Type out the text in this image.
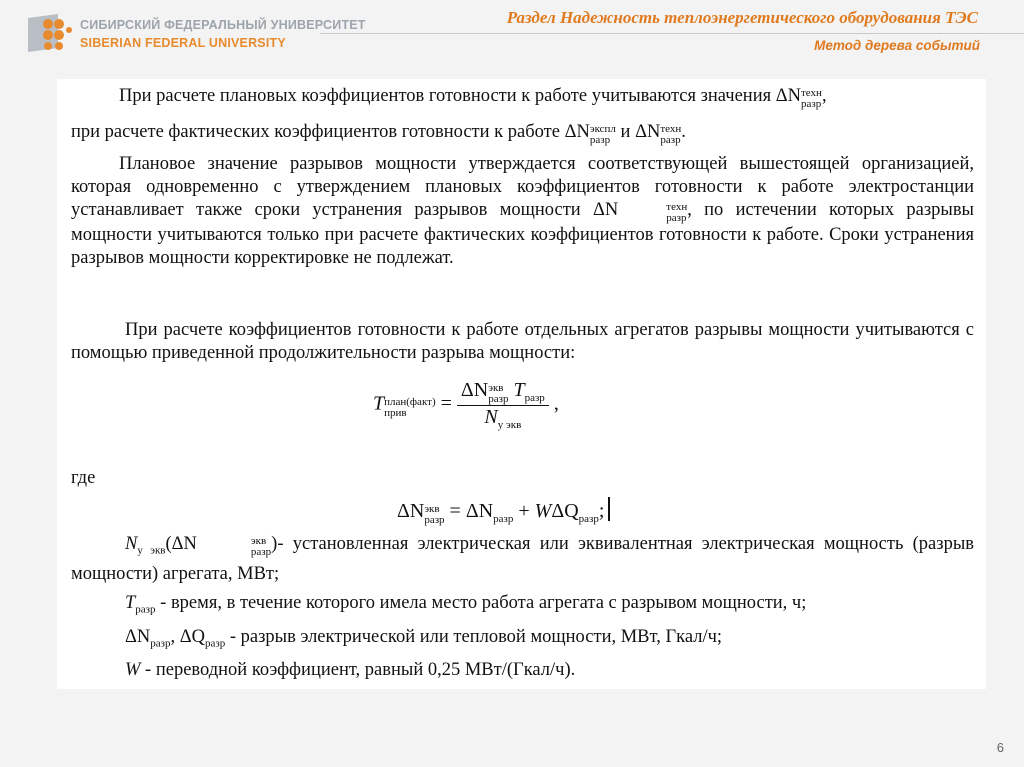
СИБИРСКИЙ ФЕДЕРАЛЬНЫЙ УНИВЕРСИТЕТ
SIBERIAN FEDERAL UNIVERSITY
Раздел Надежность теплоэнергетического оборудования ТЭС
Метод дерева событий

При расчете плановых коэффициентов готовности к работе учитываются значения ΔN техн
разр ,

при расчете фактических коэффициентов готовности к работе ΔN экспл
разр и ΔN техн
разр .

Плановое значение разрывов мощности утверждается соответствующей вышестоящей организацией, которая одновременно с утверждением плановых коэффициентов готовности к работе электростанции устанавливает также сроки устранения разрывов мощности ΔN	техн
разр , по истечении которых разрывы мощности учитываются только при расчете фактических коэффициентов готовности к работе. Сроки устранения разрывов мощности корректировке не подлежат.

При расчете коэффициентов готовности к работе отдельных агрегатов разрывы мощности учитываются с помощью приведенной продолжительности разрыва мощности:

T план(факт)
прив	= ΔN экв
разр $T_{разр}$
$N_{у экв}$ ,

где

ΔN экв
разр = $\Delta N_{разр} + W\Delta Q_{разр}$;

$N_{у экв}(\Delta N$	экв
разр )- установленная электрическая или эквивалентная электрическая мощность (разрыв мощности) агрегата, МВт;

$T_{разр}$ - время, в течение которого имела место работа агрегата с разрывом мощности, ч;

$\Delta N_{разр}$, $\Delta Q_{разр}$ - разрыв электрической или тепловой мощности, МВт, Гкал/ч;

W - переводной коэффициент, равный 0,25 МВт/(Гкал/ч).

6
